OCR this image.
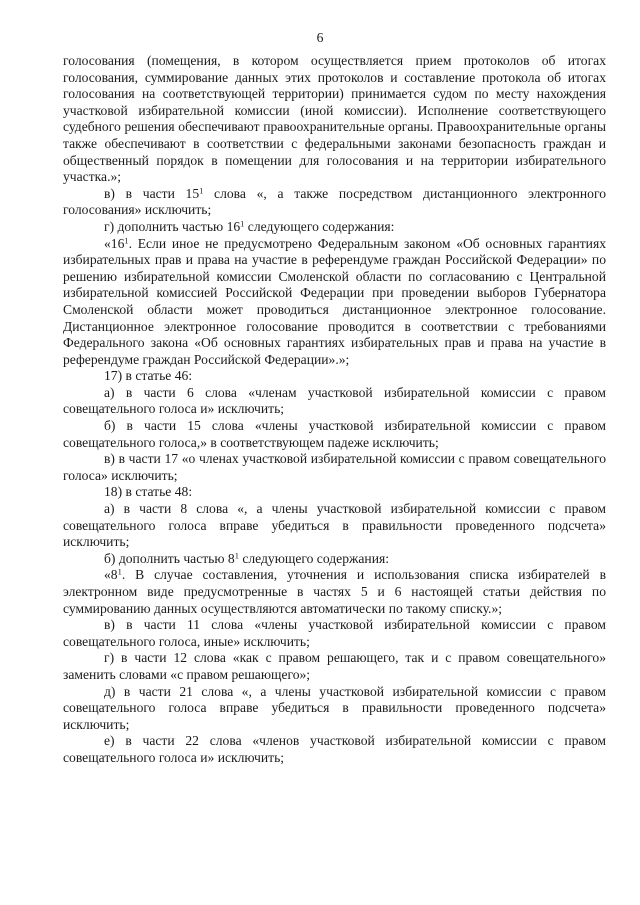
6

голосования (помещения, в котором осуществляется прием протоколов об итогах голосования, суммирование данных этих протоколов и составление протокола об итогах голосования на соответствующей территории) принимается судом по месту нахождения участковой избирательной комиссии (иной комиссии). Исполнение соответствующего судебного решения обеспечивают правоохранительные органы. Правоохранительные органы также обеспечивают в соответствии с федеральными законами безопасность граждан и общественный порядок в помещении для голосования и на территории избирательного участка.»;

в) в части $15^1$ слова «, а также посредством дистанционного электронного голосования» исключить;

г) дополнить частью $16^1$ следующего содержания:

«$16^1$. Если иное не предусмотрено Федеральным законом «Об основных гарантиях избирательных прав и права на участие в референдуме граждан Российской Федерации» по решению избирательной комиссии Смоленской области по согласованию с Центральной избирательной комиссией Российской Федерации при проведении выборов Губернатора Смоленской области может проводиться дистанционное электронное голосование. Дистанционное электронное голосование проводится в соответствии с требованиями Федерального закона «Об основных гарантиях избирательных прав и права на участие в референдуме граждан Российской Федерации».»;

17) в статье 46:

а) в части 6 слова «членам участковой избирательной комиссии с правом совещательного голоса и» исключить;

б) в части 15 слова «члены участковой избирательной комиссии с правом совещательного голоса,» в соответствующем падеже исключить;

в) в части 17 «о членах участковой избирательной комиссии с правом совещательного голоса» исключить;

18) в статье 48:

а) в части 8 слова «, а члены участковой избирательной комиссии с правом совещательного голоса вправе убедиться в правильности проведенного подсчета» исключить;

б) дополнить частью $8^1$ следующего содержания:

«$8^1$. В случае составления, уточнения и использования списка избирателей в электронном виде предусмотренные в частях 5 и 6 настоящей статьи действия по суммированию данных осуществляются автоматически по такому списку.»;

в) в части 11 слова «члены участковой избирательной комиссии с правом совещательного голоса, иные» исключить;

г) в части 12 слова «как с правом решающего, так и с правом совещательного» заменить словами «с правом решающего»;

д) в части 21 слова «, а члены участковой избирательной комиссии с правом совещательного голоса вправе убедиться в правильности проведенного подсчета» исключить;

е) в части 22 слова «членов участковой избирательной комиссии с правом совещательного голоса и» исключить;
